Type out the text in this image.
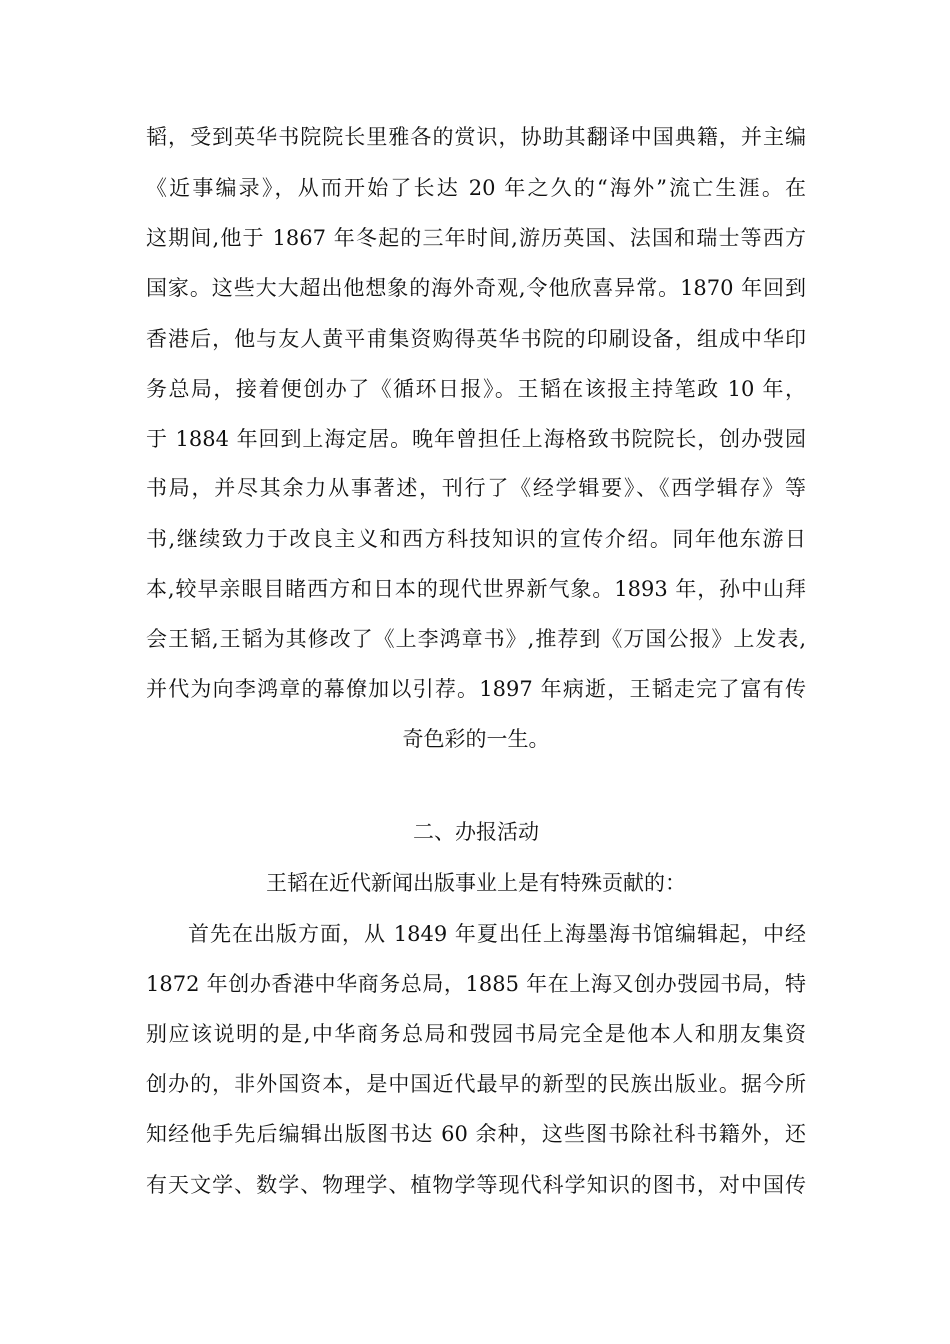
韬，受到英华书院院长里雅各的赏识，协助其翻译中国典籍，并主编
《近事编录》，从而开始了长达 20 年之久的“海外”流亡生涯。在
这期间,他于 1867 年冬起的三年时间,游历英国、法国和瑞士等西方
国家。这些大大超出他想象的海外奇观,令他欣喜异常。1870 年回到
香港后，他与友人黄平甫集资购得英华书院的印刷设备，组成中华印
务总局，接着便创办了《循环日报》。王韬在该报主持笔政 10 年，
于 1884 年回到上海定居。晚年曾担任上海格致书院院长，创办弢园
书局，并尽其余力从事著述，刊行了《经学辑要》、《西学辑存》等
书,继续致力于改良主义和西方科技知识的宣传介绍。同年他东游日
本,较早亲眼目睹西方和日本的现代世界新气象。1893 年，孙中山拜
会王韬,王韬为其修改了《上李鸿章书》,推荐到《万国公报》上发表,
并代为向李鸿章的幕僚加以引荐。1897 年病逝，王韬走完了富有传
奇色彩的一生。
二、办报活动
王韬在近代新闻出版事业上是有特殊贡献的：
首先在出版方面，从 1849 年夏出任上海墨海书馆编辑起，中经
1872 年创办香港中华商务总局，1885 年在上海又创办弢园书局，特
别应该说明的是,中华商务总局和弢园书局完全是他本人和朋友集资
创办的，非外国资本，是中国近代最早的新型的民族出版业。据今所
知经他手先后编辑出版图书达 60 余种，这些图书除社科书籍外，还
有天文学、数学、物理学、植物学等现代科学知识的图书，对中国传
